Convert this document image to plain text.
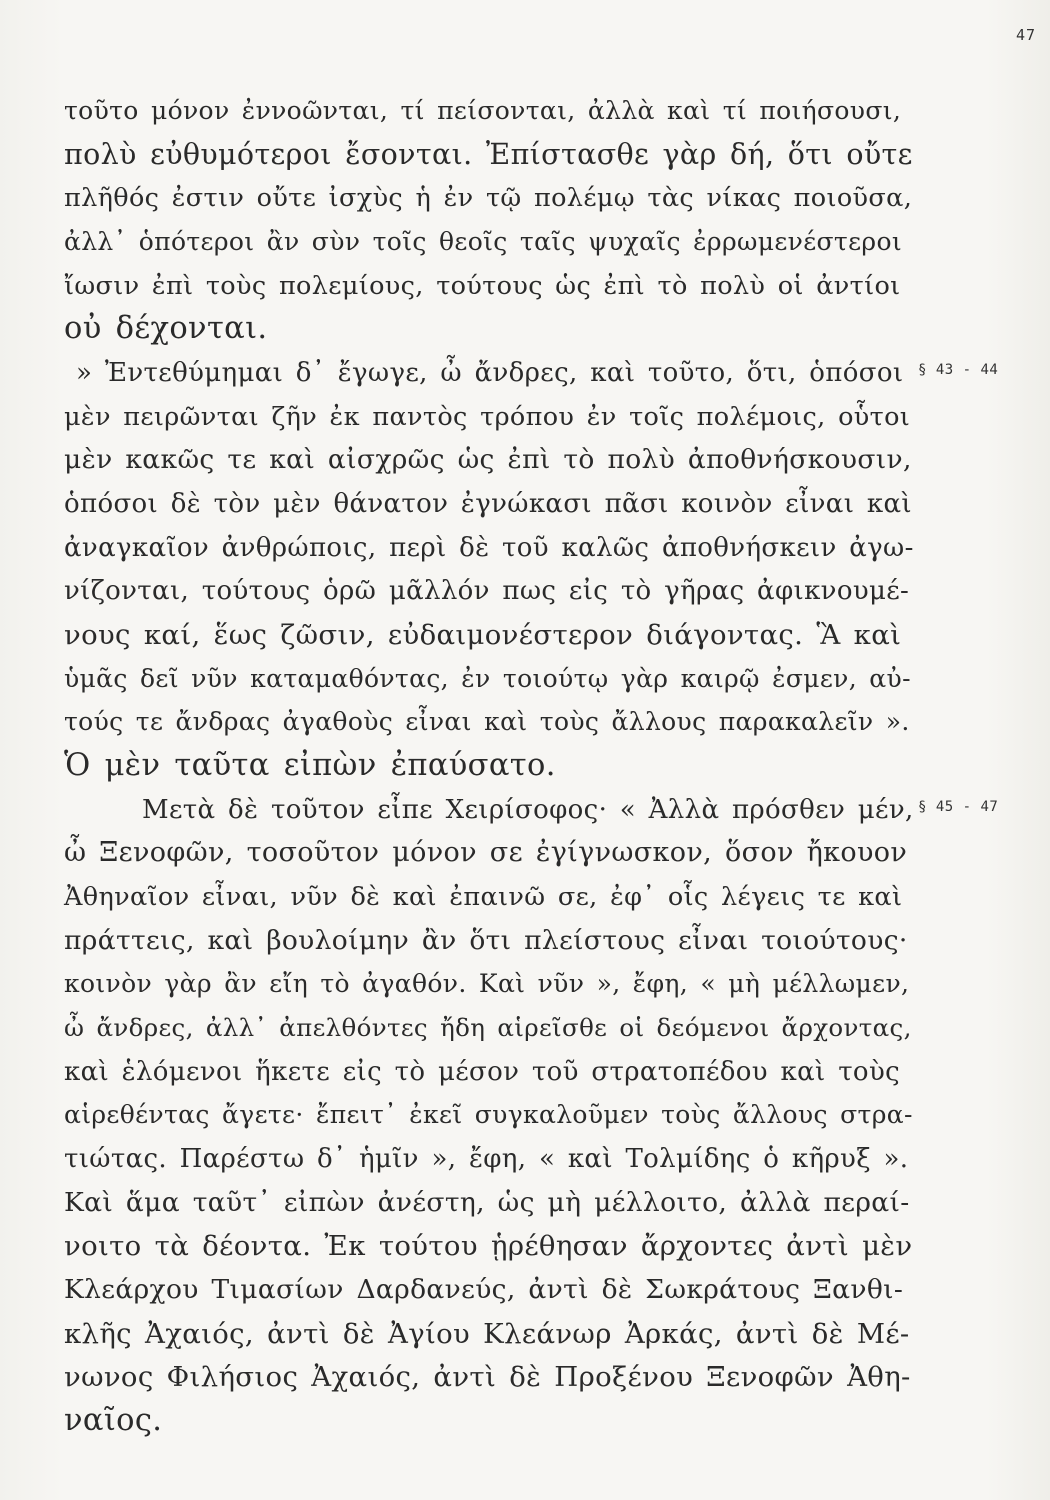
47
τοῦτο μόνον ἐννοῶνται, τί πείσονται, ἀλλὰ καὶ τί ποιήσουσι,
πολὺ εὐθυμότεροι ἔσονται. Ἐπίστασθε γὰρ δή, ὅτι οὔτε
πλῆθός ἐστιν οὔτε ἰσχὺς ἡ ἐν τῷ πολέμῳ τὰς νίκας ποιοῦσα,
ἀλλ᾽ ὁπότεροι ἂν σὺν τοῖς θεοῖς ταῖς ψυχαῖς ἐρρωμενέστεροι
ἴωσιν ἐπὶ τοὺς πολεμίους, τούτους ὡς ἐπὶ τὸ πολὺ οἱ ἀντίοι
οὐ δέχονται.
» Ἐντεθύμημαι δ᾽ ἔγωγε, ὦ ἄνδρες, καὶ τοῦτο, ὅτι, ὁπόσοι
μὲν πειρῶνται ζῆν ἐκ παντὸς τρόπου ἐν τοῖς πολέμοις, οὗτοι
μὲν κακῶς τε καὶ αἰσχρῶς ὡς ἐπὶ τὸ πολὺ ἀποθνήσκουσιν,
ὁπόσοι δὲ τὸν μὲν θάνατον ἐγνώκασι πᾶσι κοινὸν εἶναι καὶ
ἀναγκαῖον ἀνθρώποις, περὶ δὲ τοῦ καλῶς ἀποθνήσκειν ἀγω-
νίζονται, τούτους ὁρῶ μᾶλλόν πως εἰς τὸ γῆρας ἀφικνουμέ-
νους καί, ἕως ζῶσιν, εὐδαιμονέστερον διάγοντας. Ἃ καὶ
ὑμᾶς δεῖ νῦν καταμαθόντας, ἐν τοιούτῳ γὰρ καιρῷ ἐσμεν, αὐ-
τούς τε ἄνδρας ἀγαθοὺς εἶναι καὶ τοὺς ἄλλους παρακαλεῖν ».
Ὁ μὲν ταῦτα εἰπὼν ἐπαύσατο.
Μετὰ δὲ τοῦτον εἶπε Χειρίσοφος· « Ἀλλὰ πρόσθεν μέν,
ὦ Ξενοφῶν, τοσοῦτον μόνον σε ἐγίγνωσκον, ὅσον ἤκουον
Ἀθηναῖον εἶναι, νῦν δὲ καὶ ἐπαινῶ σε, ἐφ᾽ οἷς λέγεις τε καὶ
πράττεις, καὶ βουλοίμην ἂν ὅτι πλείστους εἶναι τοιούτους·
κοινὸν γὰρ ἂν εἴη τὸ ἀγαθόν. Καὶ νῦν », ἔφη, « μὴ μέλλωμεν,
ὦ ἄνδρες, ἀλλ᾽ ἀπελθόντες ἤδη αἱρεῖσθε οἱ δεόμενοι ἄρχοντας,
καὶ ἑλόμενοι ἥκετε εἰς τὸ μέσον τοῦ στρατοπέδου καὶ τοὺς
αἱρεθέντας ἄγετε· ἔπειτ᾽ ἐκεῖ συγκαλοῦμεν τοὺς ἄλλους στρα-
τιώτας. Παρέστω δ᾽ ἡμῖν », ἔφη, « καὶ Τολμίδης ὁ κῆρυξ ».
Καὶ ἅμα ταῦτ᾽ εἰπὼν ἀνέστη, ὡς μὴ μέλλοιτο, ἀλλὰ περαί-
νοιτο τὰ δέοντα. Ἐκ τούτου ᾑρέθησαν ἄρχοντες ἀντὶ μὲν
Κλεάρχου Τιμασίων Δαρδανεύς, ἀντὶ δὲ Σωκράτους Ξανθι-
κλῆς Ἀχαιός, ἀντὶ δὲ Ἀγίου Κλεάνωρ Ἀρκάς, ἀντὶ δὲ Μέ-
νωνος Φιλήσιος Ἀχαιός, ἀντὶ δὲ Προξένου Ξενοφῶν Ἀθη-
ναῖος.
§ 43 - 44
§ 45 - 47
